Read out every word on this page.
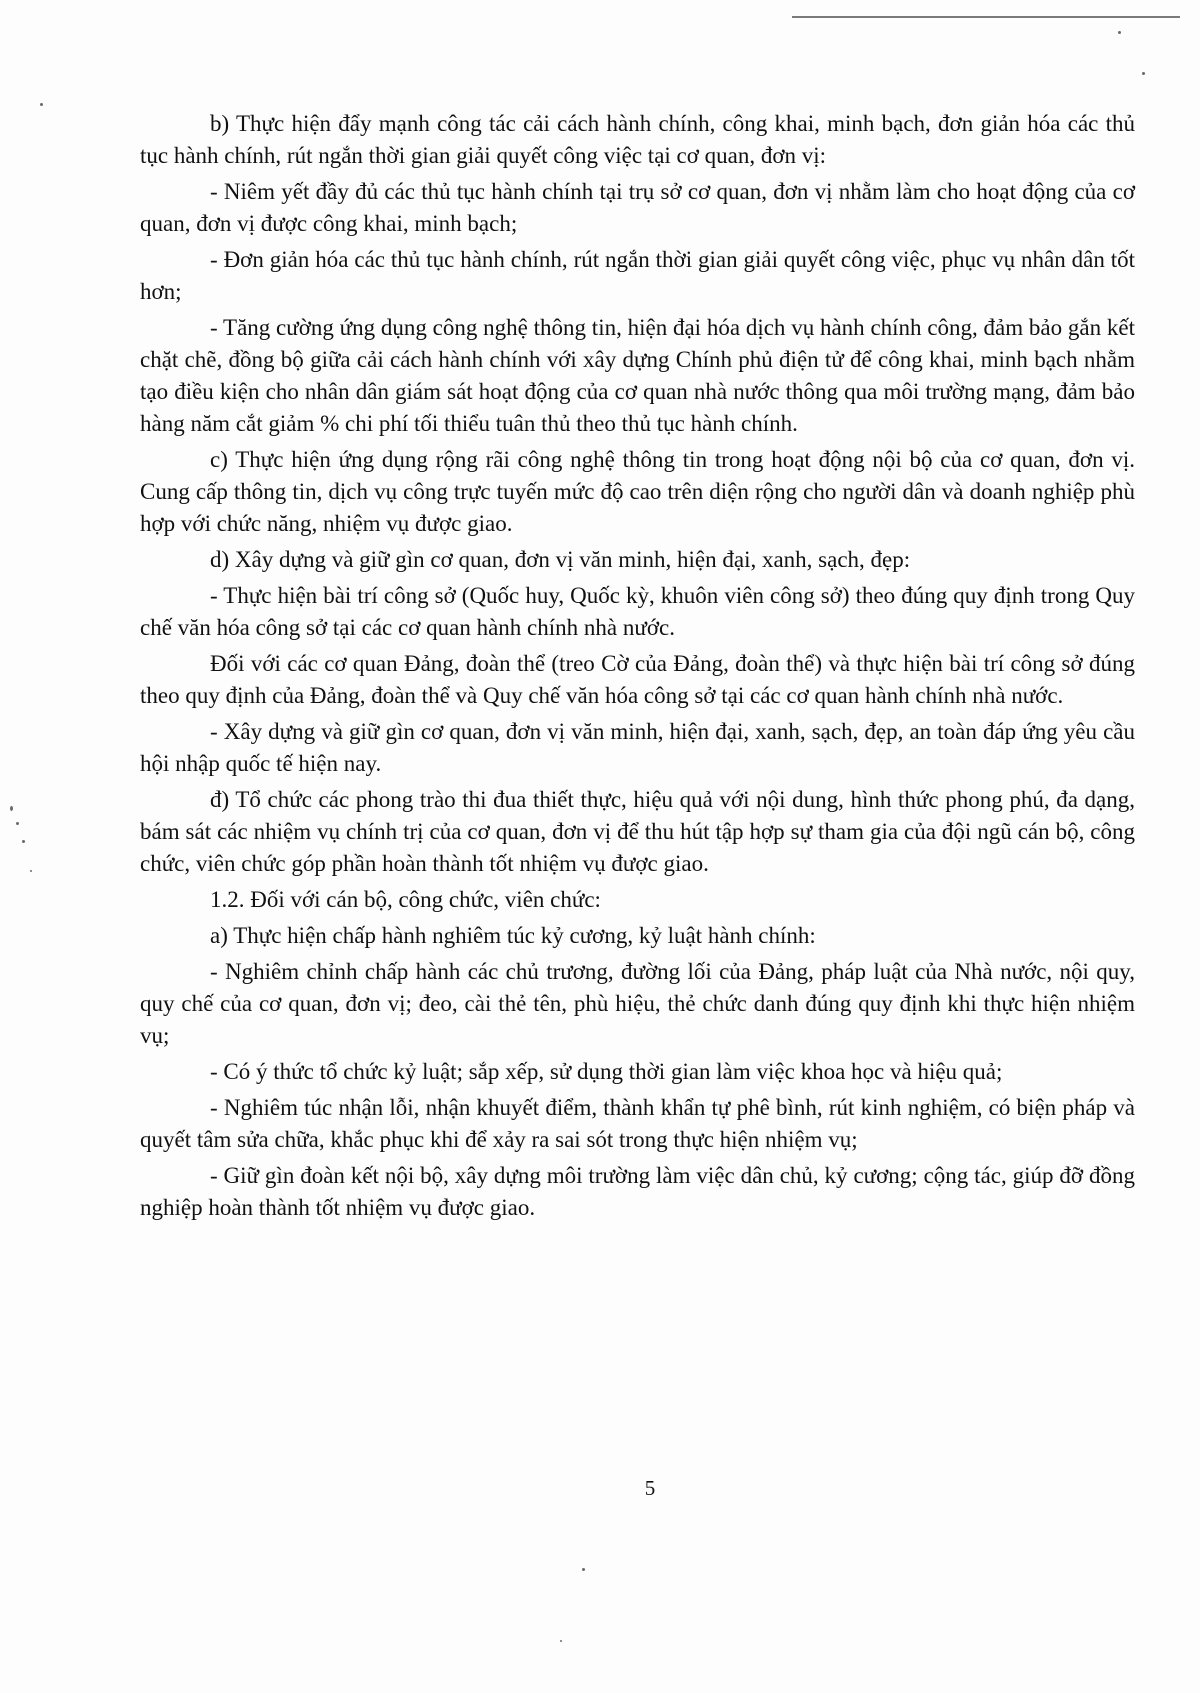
b) Thực hiện đẩy mạnh công tác cải cách hành chính, công khai, minh bạch, đơn giản hóa các thủ tục hành chính, rút ngắn thời gian giải quyết công việc tại cơ quan, đơn vị:

- Niêm yết đầy đủ các thủ tục hành chính tại trụ sở cơ quan, đơn vị nhằm làm cho hoạt động của cơ quan, đơn vị được công khai, minh bạch;

- Đơn giản hóa các thủ tục hành chính, rút ngắn thời gian giải quyết công việc, phục vụ nhân dân tốt hơn;

- Tăng cường ứng dụng công nghệ thông tin, hiện đại hóa dịch vụ hành chính công, đảm bảo gắn kết chặt chẽ, đồng bộ giữa cải cách hành chính với xây dựng Chính phủ điện tử để công khai, minh bạch nhằm tạo điều kiện cho nhân dân giám sát hoạt động của cơ quan nhà nước thông qua môi trường mạng, đảm bảo hàng năm cắt giảm % chi phí tối thiểu tuân thủ theo thủ tục hành chính.

c) Thực hiện ứng dụng rộng rãi công nghệ thông tin trong hoạt động nội bộ của cơ quan, đơn vị. Cung cấp thông tin, dịch vụ công trực tuyến mức độ cao trên diện rộng cho người dân và doanh nghiệp phù hợp với chức năng, nhiệm vụ được giao.

d) Xây dựng và giữ gìn cơ quan, đơn vị văn minh, hiện đại, xanh, sạch, đẹp:

- Thực hiện bài trí công sở (Quốc huy, Quốc kỳ, khuôn viên công sở) theo đúng quy định trong Quy chế văn hóa công sở tại các cơ quan hành chính nhà nước.

Đối với các cơ quan Đảng, đoàn thể (treo Cờ của Đảng, đoàn thể) và thực hiện bài trí công sở đúng theo quy định của Đảng, đoàn thể và Quy chế văn hóa công sở tại các cơ quan hành chính nhà nước.

- Xây dựng và giữ gìn cơ quan, đơn vị văn minh, hiện đại, xanh, sạch, đẹp, an toàn đáp ứng yêu cầu hội nhập quốc tế hiện nay.

đ) Tổ chức các phong trào thi đua thiết thực, hiệu quả với nội dung, hình thức phong phú, đa dạng, bám sát các nhiệm vụ chính trị của cơ quan, đơn vị để thu hút tập hợp sự tham gia của đội ngũ cán bộ, công chức, viên chức góp phần hoàn thành tốt nhiệm vụ được giao.

1.2. Đối với cán bộ, công chức, viên chức:

a) Thực hiện chấp hành nghiêm túc kỷ cương, kỷ luật hành chính:

- Nghiêm chỉnh chấp hành các chủ trương, đường lối của Đảng, pháp luật của Nhà nước, nội quy, quy chế của cơ quan, đơn vị; đeo, cài thẻ tên, phù hiệu, thẻ chức danh đúng quy định khi thực hiện nhiệm vụ;

- Có ý thức tổ chức kỷ luật; sắp xếp, sử dụng thời gian làm việc khoa học và hiệu quả;

- Nghiêm túc nhận lỗi, nhận khuyết điểm, thành khẩn tự phê bình, rút kinh nghiệm, có biện pháp và quyết tâm sửa chữa, khắc phục khi để xảy ra sai sót trong thực hiện nhiệm vụ;

- Giữ gìn đoàn kết nội bộ, xây dựng môi trường làm việc dân chủ, kỷ cương; cộng tác, giúp đỡ đồng nghiệp hoàn thành tốt nhiệm vụ được giao.

5
